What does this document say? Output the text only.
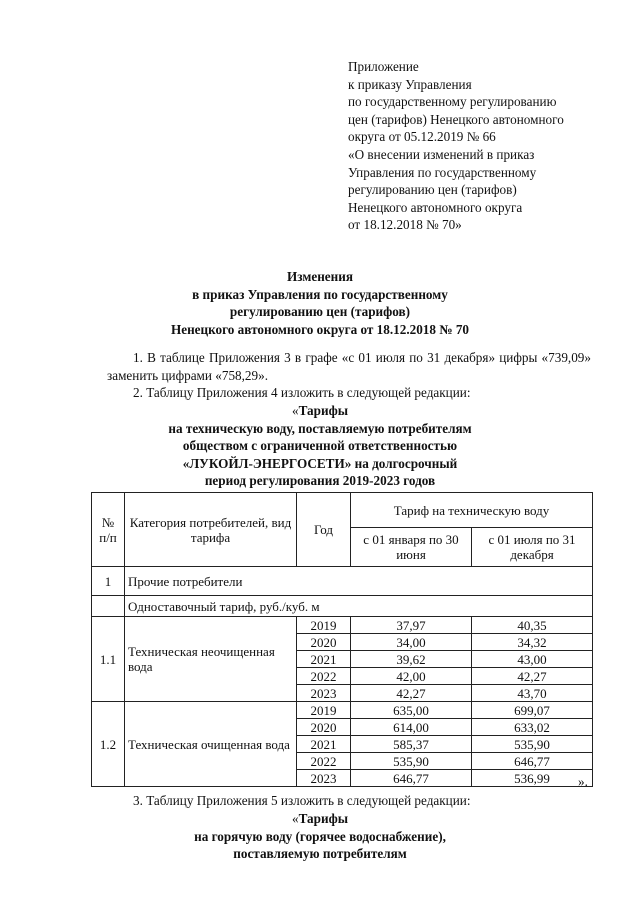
Приложение
к приказу Управления
по государственному регулированию
цен (тарифов) Ненецкого автономного
округа от 05.12.2019 № 66
«О внесении изменений в приказ
Управления по государственному
регулированию цен (тарифов)
Ненецкого автономного округа
от 18.12.2018 № 70»
Изменения
в приказ Управления по государственному
регулированию цен (тарифов)
Ненецкого автономного округа от 18.12.2018 № 70
1. В таблице Приложения 3 в графе «с 01 июля по 31 декабря» цифры «739,09» заменить цифрами «758,29».
2. Таблицу Приложения 4 изложить в следующей редакции:
«Тарифы
на техническую воду, поставляемую потребителям
обществом с ограниченной ответственностью
«ЛУКОЙЛ-ЭНЕРГОСЕТИ» на долгосрочный
период регулирования 2019-2023 годов
№ п/п	Категория потребителей, вид тарифа	Год	Тариф на техническую воду	
			с 01 января по 30 июня	с 01 июля по 31 декабря
1	Прочие потребители			
	Одноставочный тариф, руб./куб. м			
1.1	Техническая неочищенная вода	2019	37,97	40,35
		2020	34,00	34,32
		2021	39,62	43,00
		2022	42,00	42,27
		2023	42,27	43,70
1.2	Техническая очищенная вода	2019	635,00	699,07
		2020	614,00	633,02
		2021	585,37	535,90
		2022	535,90	646,77
		2023	646,77	536,99 ».
3. Таблицу Приложения 5 изложить в следующей редакции:
«Тарифы
на горячую воду (горячее водоснабжение),
поставляемую потребителям
